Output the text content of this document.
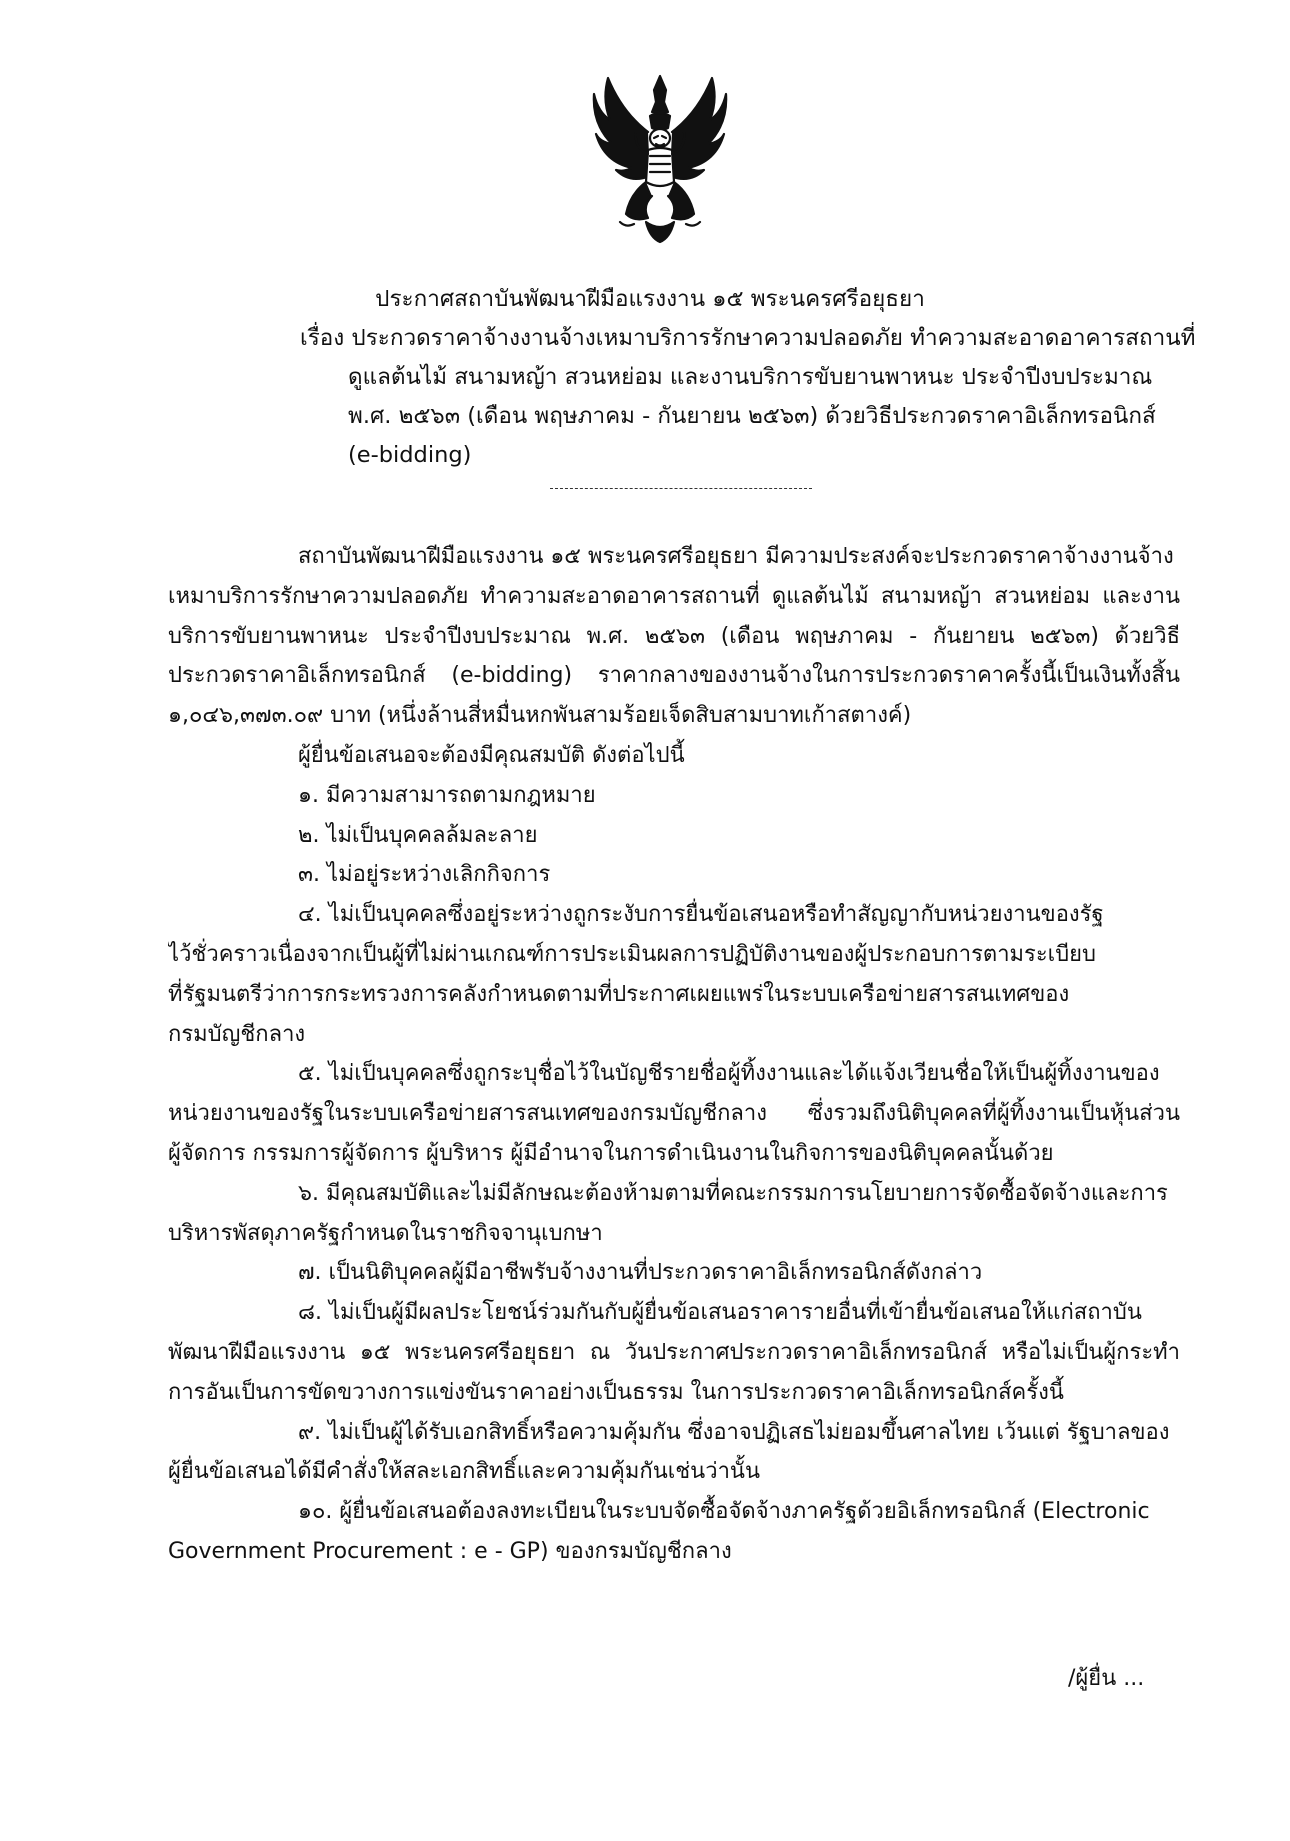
ประกาศสถาบันพัฒนาฝีมือแรงงาน ๑๕ พระนครศรีอยุธยา
เรื่อง ประกวดราคาจ้างงานจ้างเหมาบริการรักษาความปลอดภัย ทำความสะอาดอาคารสถานที่
ดูแลต้นไม้ สนามหญ้า สวนหย่อม และงานบริการขับยานพาหนะ ประจำปีงบประมาณ
พ.ศ. ๒๕๖๓ (เดือน พฤษภาคม - กันยายน ๒๕๖๓) ด้วยวิธีประกวดราคาอิเล็กทรอนิกส์
(e-bidding)
สถาบันพัฒนาฝีมือแรงงาน ๑๕ พระนครศรีอยุธยา มีความประสงค์จะประกวดราคาจ้างงานจ้าง
เหมาบริการรักษาความปลอดภัย ทำความสะอาดอาคารสถานที่ ดูแลต้นไม้ สนามหญ้า สวนหย่อม และงาน
บริการขับยานพาหนะ ประจำปีงบประมาณ พ.ศ. ๒๕๖๓ (เดือน พฤษภาคม - กันยายน ๒๕๖๓) ด้วยวิธี
ประกวดราคาอิเล็กทรอนิกส์ (e-bidding) ราคากลางของงานจ้างในการประกวดราคาครั้งนี้เป็นเงินทั้งสิ้น
๑,๐๔๖,๓๗๓.๐๙ บาท (หนึ่งล้านสี่หมื่นหกพันสามร้อยเจ็ดสิบสามบาทเก้าสตางค์)
ผู้ยื่นข้อเสนอจะต้องมีคุณสมบัติ ดังต่อไปนี้
๑. มีความสามารถตามกฎหมาย
๒. ไม่เป็นบุคคลล้มละลาย
๓. ไม่อยู่ระหว่างเลิกกิจการ
๔. ไม่เป็นบุคคลซึ่งอยู่ระหว่างถูกระงับการยื่นข้อเสนอหรือทำสัญญากับหน่วยงานของรัฐ
ไว้ชั่วคราวเนื่องจากเป็นผู้ที่ไม่ผ่านเกณฑ์การประเมินผลการปฏิบัติงานของผู้ประกอบการตามระเบียบ
ที่รัฐมนตรีว่าการกระทรวงการคลังกำหนดตามที่ประกาศเผยแพร่ในระบบเครือข่ายสารสนเทศของ
กรมบัญชีกลาง
๕. ไม่เป็นบุคคลซึ่งถูกระบุชื่อไว้ในบัญชีรายชื่อผู้ทิ้งงานและได้แจ้งเวียนชื่อให้เป็นผู้ทิ้งงานของ
หน่วยงานของรัฐในระบบเครือข่ายสารสนเทศของกรมบัญชีกลาง ซึ่งรวมถึงนิติบุคคลที่ผู้ทิ้งงานเป็นหุ้นส่วน
ผู้จัดการ กรรมการผู้จัดการ ผู้บริหาร ผู้มีอำนาจในการดำเนินงานในกิจการของนิติบุคคลนั้นด้วย
๖. มีคุณสมบัติและไม่มีลักษณะต้องห้ามตามที่คณะกรรมการนโยบายการจัดซื้อจัดจ้างและการ
บริหารพัสดุภาครัฐกำหนดในราชกิจจานุเบกษา
๗. เป็นนิติบุคคลผู้มีอาชีพรับจ้างงานที่ประกวดราคาอิเล็กทรอนิกส์ดังกล่าว
๘. ไม่เป็นผู้มีผลประโยชน์ร่วมกันกับผู้ยื่นข้อเสนอราคารายอื่นที่เข้ายื่นข้อเสนอให้แก่สถาบัน
พัฒนาฝีมือแรงงาน ๑๕ พระนครศรีอยุธยา ณ วันประกาศประกวดราคาอิเล็กทรอนิกส์ หรือไม่เป็นผู้กระทำ
การอันเป็นการขัดขวางการแข่งขันราคาอย่างเป็นธรรม ในการประกวดราคาอิเล็กทรอนิกส์ครั้งนี้
๙. ไม่เป็นผู้ได้รับเอกสิทธิ์หรือความคุ้มกัน ซึ่งอาจปฏิเสธไม่ยอมขึ้นศาลไทย เว้นแต่ รัฐบาลของ
ผู้ยื่นข้อเสนอได้มีคำสั่งให้สละเอกสิทธิ์และความคุ้มกันเช่นว่านั้น
๑๐. ผู้ยื่นข้อเสนอต้องลงทะเบียนในระบบจัดซื้อจัดจ้างภาครัฐด้วยอิเล็กทรอนิกส์ (Electronic
Government Procurement : e - GP) ของกรมบัญชีกลาง
/ผู้ยื่น ...
